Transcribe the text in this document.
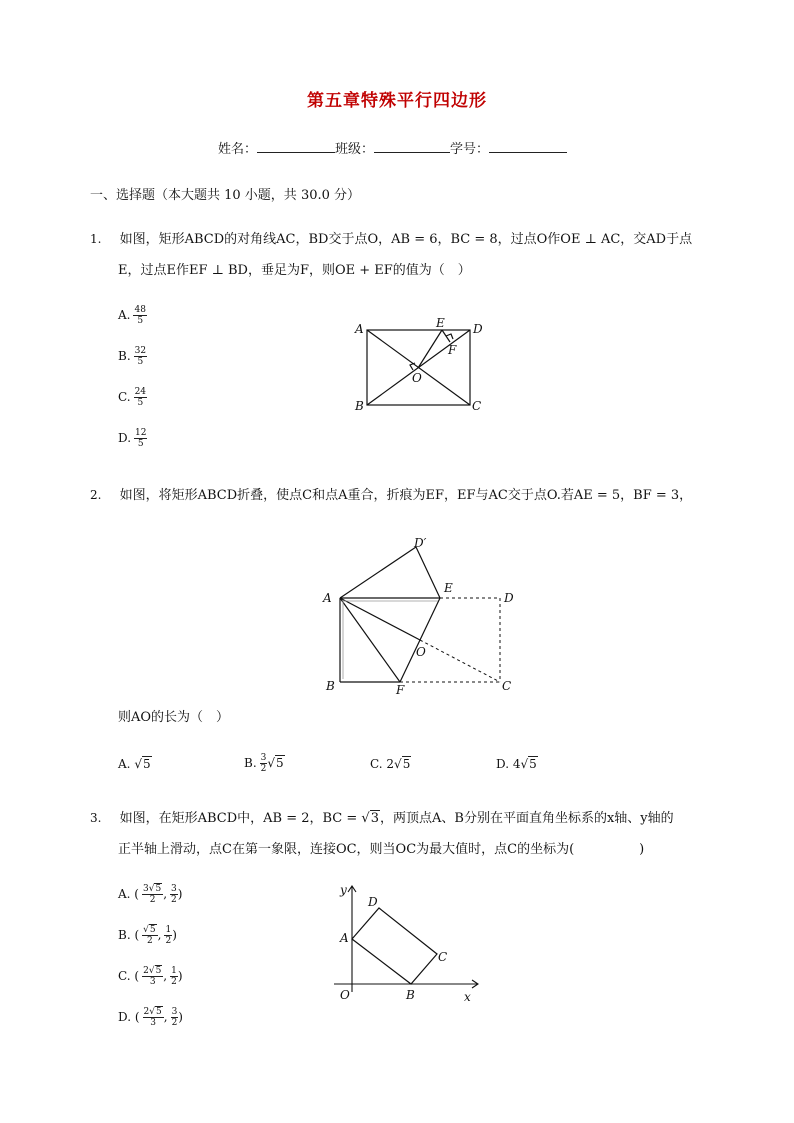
第五章特殊平行四边形
姓名：	班级：	学号：
一、选择题（本大题共 10 小题，共 30.0 分）
1. 如图，矩形ABCD的对角线AC，BD交于点O，AB = 6，BC = 8，过点O作OE ⊥ AC，交AD于点
E，过点E作EF ⊥ BD，垂足为F，则OE + EF的值为（　）
A. $\frac{48}{5}$
B. $\frac{32}{5}$
C. $\frac{24}{5}$
D. $\frac{12}{5}$
A
B	C
D
E
F
O
2. 如图，将矩形ABCD折叠，使点C和点A重合，折痕为EF，EF与AC交于点O.若AE = 5，BF = 3，
A
B	C
D
D′
E
F
O
则AO的长为（　）
A. √5	B. $\frac{3}{2} √5$	C. 2√5	D. 4√5
3. 如图，在矩形ABCD中，AB = 2，BC = √3，两顶点A、B分别在平面直角坐标系的x轴、y轴的
正半轴上滑动，点C在第一象限，连接OC，则当OC为最大值时，点C的坐标为(　　　　　)
A. ( $\frac{3√5}{2}$ , $\frac{3}{2}$ )
B. ( $\frac{√5}{2}$ , $\frac{1}{2}$ )
C. ( $\frac{2√5}{3}$ , $\frac{1}{2}$ )
D. ( $\frac{2√5}{3}$ , $\frac{3}{2}$ )
y
x
O
A
B
C
D
